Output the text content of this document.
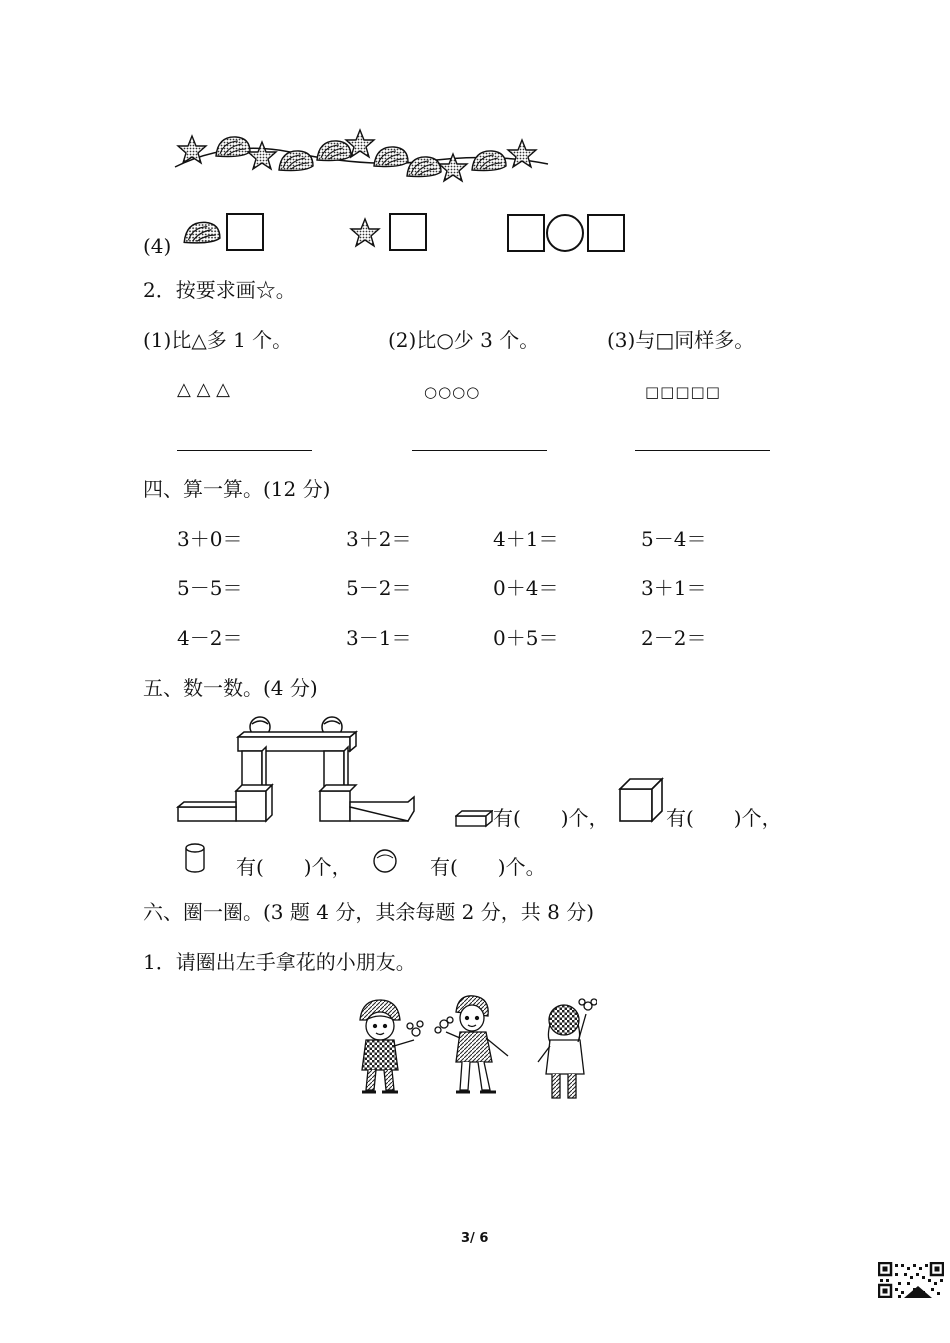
(4)
2．按要求画☆。
(1)比△多 1 个。	(2)比○少 3 个。	(3)与□同样多。
△ △ △	○○○○	□□□□□
四、算一算。(12 分)
3＋0＝	3＋2＝	4＋1＝	5－4＝
5－5＝	5－2＝	0＋4＝	3＋1＝
4－2＝	3－1＝	0＋5＝	2－2＝
五、数一数。(4 分)
有(　　)个，	有(　　)个，
有(　　)个，	有(　　)个。
六、圈一圈。(3 题 4 分，其余每题 2 分，共 8 分)
1．请圈出左手拿花的小朋友。
3/ 6
